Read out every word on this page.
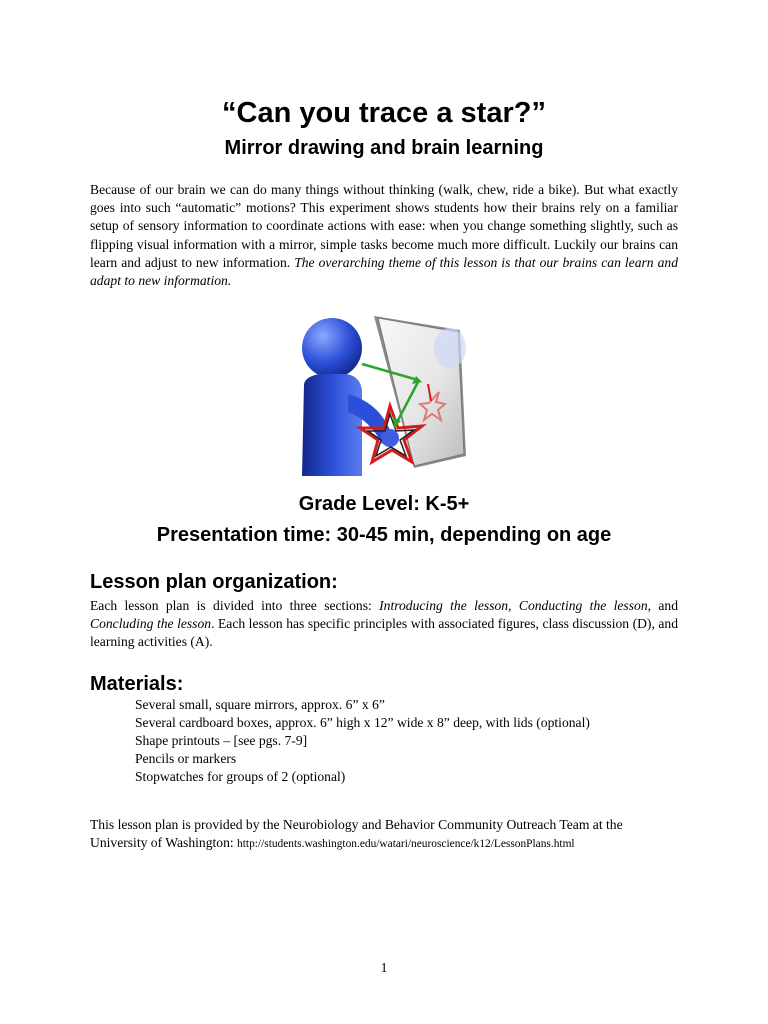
“Can you trace a star?”
Mirror drawing and brain learning

Because of our brain we can do many things without thinking (walk, chew, ride a bike). But what exactly goes into such “automatic” motions? This experiment shows students how their brains rely on a familiar setup of sensory information to coordinate actions with ease: when you change something slightly, such as flipping visual information with a mirror, simple tasks become much more difficult. Luckily our brains can learn and adjust to new information. The overarching theme of this lesson is that our brains can learn and adapt to new information.

Grade Level: K-5+
Presentation time: 30-45 min, depending on age
Lesson plan organization:

Each lesson plan is divided into three sections: Introducing the lesson, Conducting the lesson, and Concluding the lesson. Each lesson has specific principles with associated figures, class discussion (D), and learning activities (A).

Materials:
Several small, square mirrors, approx. 6” x 6”
Several cardboard boxes, approx. 6” high x 12” wide x 8” deep, with lids (optional)
Shape printouts – [see pgs. 7-9]
Pencils or markers
Stopwatches for groups of 2 (optional)

This lesson plan is provided by the Neurobiology and Behavior Community Outreach Team at the University of Washington: http://students.washington.edu/watari/neuroscience/k12/LessonPlans.html

1
